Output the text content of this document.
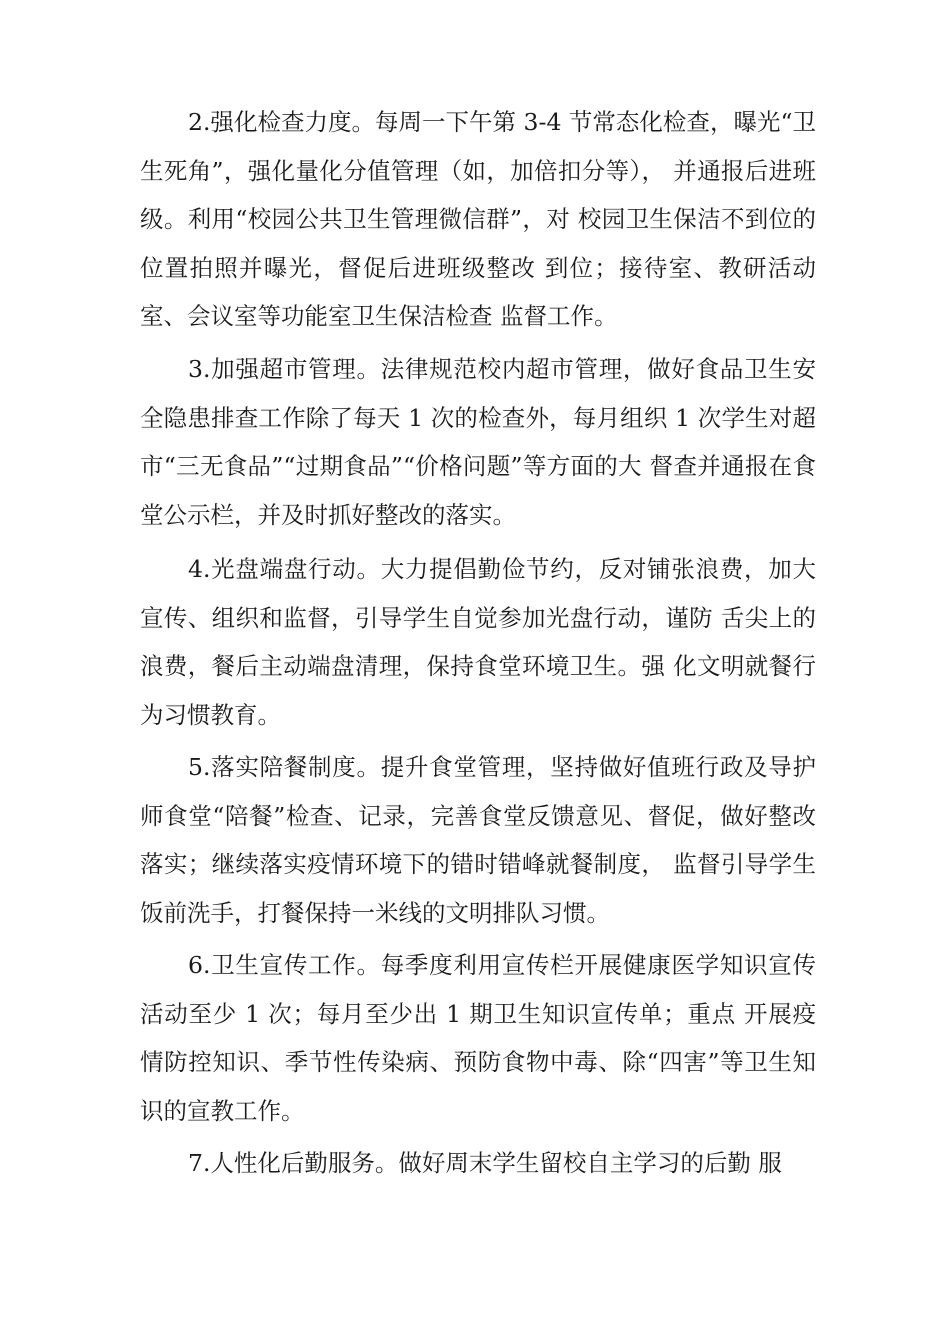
2.强化检查力度。每周一下午第 3-4 节常态化检查，曝光“卫生死角”，强化量化分值管理（如，加倍扣分等）， 并通报后进班级。利用“校园公共卫生管理微信群”，对 校园卫生保洁不到位的位置拍照并曝光，督促后进班级整改 到位；接待室、教研活动室、会议室等功能室卫生保洁检查 监督工作。

3.加强超市管理。法律规范校内超市管理，做好食品卫生安 全隐患排查工作除了每天 1 次的检查外，每月组织 1 次学生对超市“三无食品”“过期食品”“价格问题”等方面的大 督查并通报在食堂公示栏，并及时抓好整改的落实。

4.光盘端盘行动。大力提倡勤俭节约，反对铺张浪费，加大宣传、组织和监督，引导学生自觉参加光盘行动，谨防 舌尖上的浪费，餐后主动端盘清理，保持食堂环境卫生。强 化文明就餐行为习惯教育。

5.落实陪餐制度。提升食堂管理，坚持做好值班行政及导护师食堂“陪餐”检查、记录，完善食堂反馈意见、督促，做好整改落实；继续落实疫情环境下的错时错峰就餐制度， 监督引导学生饭前洗手，打餐保持一米线的文明排队习惯。

6.卫生宣传工作。每季度利用宣传栏开展健康医学知识宣传活动至少 1 次；每月至少出 1 期卫生知识宣传单；重点 开展疫情防控知识、季节性传染病、预防食物中毒、除“四害”等卫生知识的宣教工作。

7.人性化后勤服务。做好周末学生留校自主学习的后勤 服
